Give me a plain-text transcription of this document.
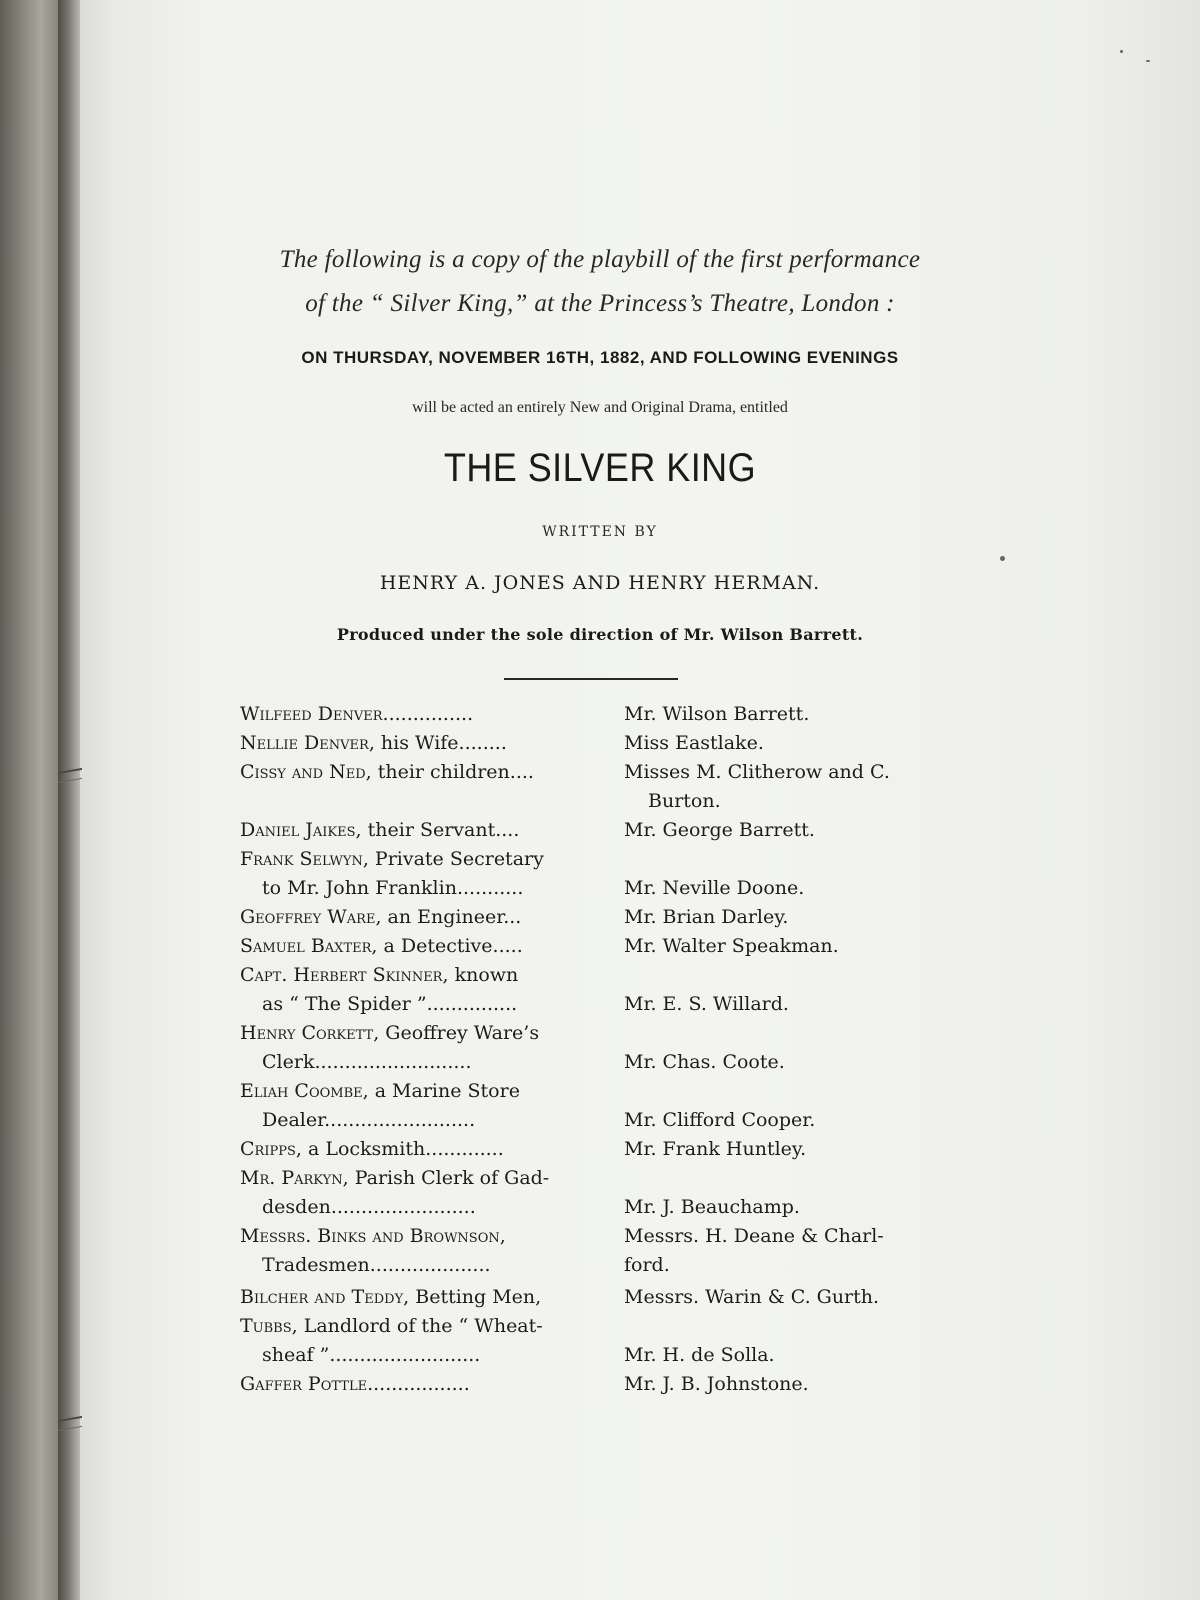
The following is a copy of the playbill of the first performance
of the “ Silver King,” at the Princess’s Theatre, London :
ON THURSDAY, NOVEMBER 16TH, 1882, AND FOLLOWING EVENINGS
will be acted an entirely New and Original Drama, entitled
THE SILVER KING
WRITTEN BY
HENRY A. JONES AND HENRY HERMAN.
Produced under the sole direction of Mr. Wilson Barrett.
Wilfeed Denver...............	Mr. Wilson Barrett.
Nellie Denver, his Wife........	Miss Eastlake.
Cissy and Ned, their children....	Misses M. Clitherow and C.
Burton.
Daniel Jaikes, their Servant....	Mr. George Barrett.
Frank Selwyn, Private Secretary
to Mr. John Franklin...........	Mr. Neville Doone.
Geoffrey Ware, an Engineer...	Mr. Brian Darley.
Samuel Baxter, a Detective.....	Mr. Walter Speakman.
Capt. Herbert Skinner, known
as “ The Spider ”...............	Mr. E. S. Willard.
Henry Corkett, Geoffrey Ware’s
Clerk..........................	Mr. Chas. Coote.
Eliah Coombe, a Marine Store
Dealer.........................	Mr. Clifford Cooper.
Cripps, a Locksmith.............	Mr. Frank Huntley.
Mr. Parkyn, Parish Clerk of Gad-
desden........................	Mr. J. Beauchamp.
Messrs. Binks and Brownson,	Messrs. H. Deane & Charl-
Tradesmen....................	ford.
Bilcher and Teddy, Betting Men,	Messrs. Warin & C. Gurth.
Tubbs, Landlord of the “ Wheat-
sheaf ”.........................	Mr. H. de Solla.
Gaffer Pottle.................	Mr. J. B. Johnstone.
